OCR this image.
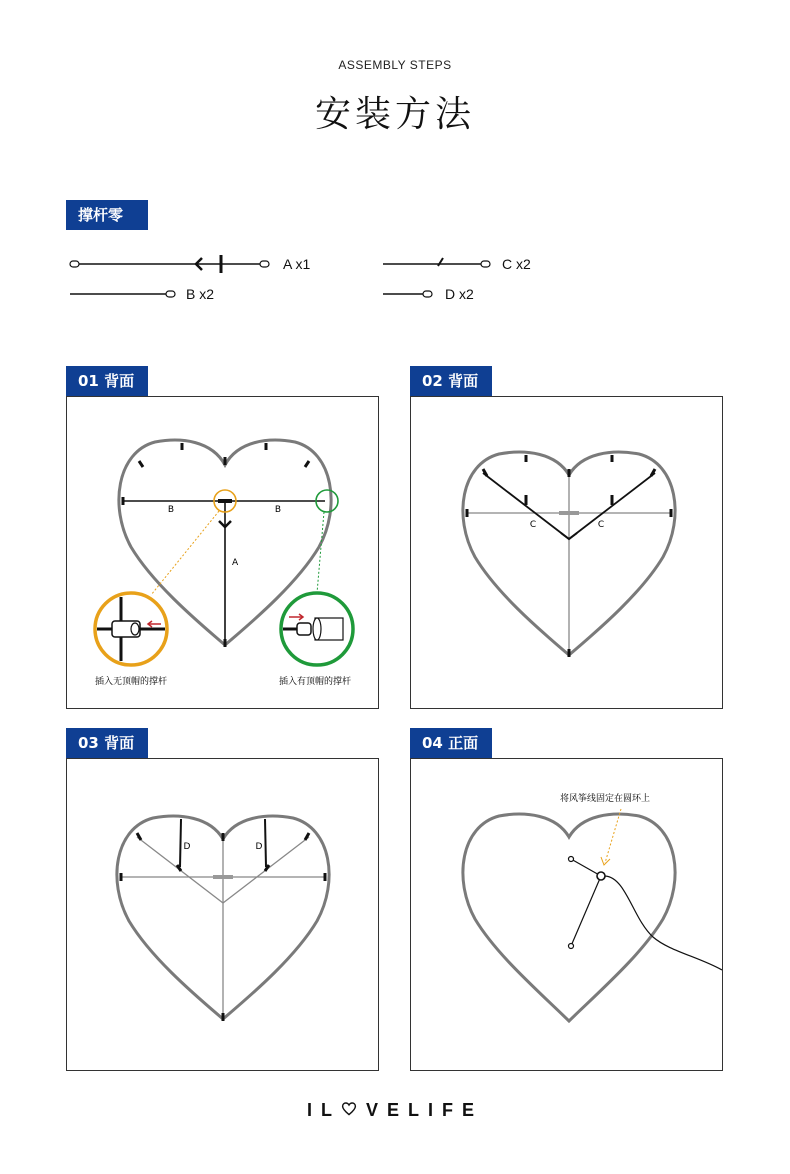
ASSEMBLY STEPS
安装方法
撑杆零件
A x1
B x2
C x2
D x2
01 背面	02 背面
03 背面	04 正面
B	B
A
插入无顶帽的撑杆	插入有顶帽的撑杆
C	C
D	D
将风筝线固定在圆环上
IL VELIFE
